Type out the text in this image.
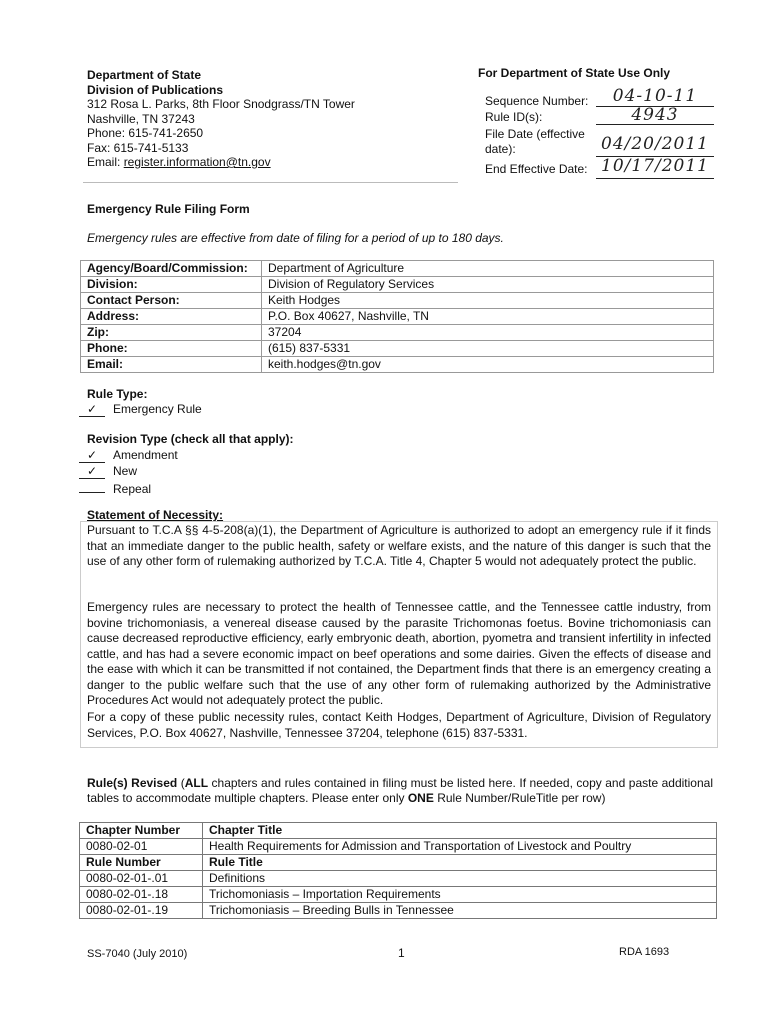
Department of State
Division of Publications
312 Rosa L. Parks, 8th Floor Snodgrass/TN Tower
Nashville, TN 37243
Phone: 615-741-2650
Fax: 615-741-5133
Email: register.information@tn.gov
For Department of State Use Only
Sequence Number:	04-10-11
Rule ID(s):	4943
File Date (effective
date):	04/20/2011
End Effective Date: 10/17/2011
Emergency Rule Filing Form
Emergency rules are effective from date of filing for a period of up to 180 days.
Agency/Board/Commission:	Department of Agriculture
Division:	Division of Regulatory Services
Contact Person:	Keith Hodges
Address:	P.O. Box 40627, Nashville, TN
Zip:	37204
Phone:	(615) 837-5331
Email:	keith.hodges@tn.gov
Rule Type:
✓ Emergency Rule
Revision Type (check all that apply):
✓ Amendment
✓ New
Repeal
Statement of Necessity:
Pursuant to T.C.A §§ 4-5-208(a)(1), the Department of Agriculture is authorized to adopt an emergency rule if it finds that an immediate danger to the public health, safety or welfare exists, and the nature of this danger is such that the use of any other form of rulemaking authorized by T.C.A. Title 4, Chapter 5 would not adequately protect the public.
Emergency rules are necessary to protect the health of Tennessee cattle, and the Tennessee cattle industry, from bovine trichomoniasis, a venereal disease caused by the parasite Trichomonas foetus. Bovine trichomoniasis can cause decreased reproductive efficiency, early embryonic death, abortion, pyometra and transient infertility in infected cattle, and has had a severe economic impact on beef operations and some dairies. Given the effects of disease and the ease with which it can be transmitted if not contained, the Department finds that there is an emergency creating a danger to the public welfare such that the use of any other form of rulemaking authorized by the Administrative Procedures Act would not adequately protect the public.
For a copy of these public necessity rules, contact Keith Hodges, Department of Agriculture, Division of Regulatory Services, P.O. Box 40627, Nashville, Tennessee 37204, telephone (615) 837-5331.
Rule(s) Revised (ALL chapters and rules contained in filing must be listed here. If needed, copy and paste additional tables to accommodate multiple chapters. Please enter only ONE Rule Number/RuleTitle per row)
Chapter Number	Chapter Title
0080-02-01	Health Requirements for Admission and Transportation of Livestock and Poultry
Rule Number	Rule Title
0080-02-01-.01	Definitions
0080-02-01-.18	Trichomoniasis – Importation Requirements
0080-02-01-.19	Trichomoniasis – Breeding Bulls in Tennessee
SS-7040 (July 2010)	1	RDA 1693
